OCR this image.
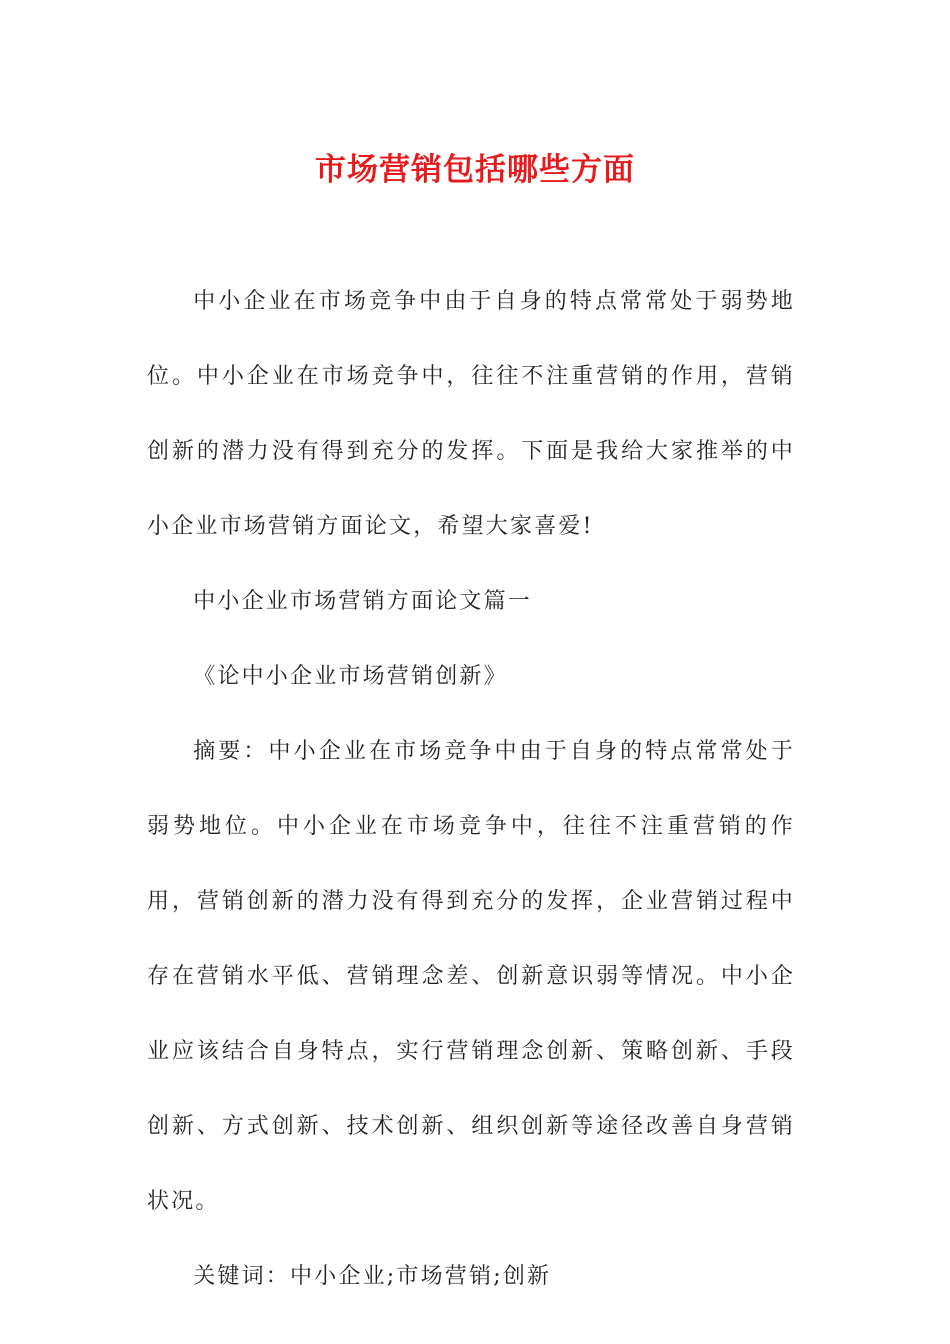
市场营销包括哪些方面

中小企业在市场竞争中由于自身的特点常常处于弱势地位。中小企业在市场竞争中，往往不注重营销的作用，营销创新的潜力没有得到充分的发挥。下面是我给大家推举的中小企业市场营销方面论文，希望大家喜爱!

中小企业市场营销方面论文篇一

《论中小企业市场营销创新》

摘要：中小企业在市场竞争中由于自身的特点常常处于弱势地位。中小企业在市场竞争中，往往不注重营销的作用，营销创新的潜力没有得到充分的发挥，企业营销过程中存在营销水平低、营销理念差、创新意识弱等情况。中小企业应该结合自身特点，实行营销理念创新、策略创新、手段创新、方式创新、技术创新、组织创新等途径改善自身营销状况。

关键词：中小企业;市场营销;创新
